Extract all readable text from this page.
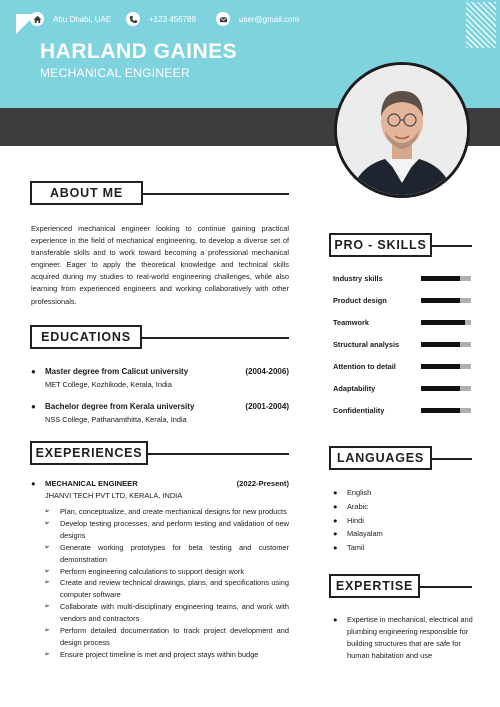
HARLAND GAINES
MECHANICAL ENGINEER
Abu Dhabi, UAE	+123 456789	user@gmail.com
ABOUT ME
Experienced mechanical engineer looking to continue gaining practical experience in the field of mechanical engineering, to develop a diverse set of transferable skills and to work toward becoming a professional mechanical engineer. Eager to apply the theoretical knowledge and technical skills acquired during my studies to real-world engineering challenges, while also learning from experienced engineers and working collaboratively with other professionals.
EDUCATIONS
● Master degree from Calicut university	(2004-2006)
MET College, Kozhikode, Kerala, India
● Bachelor degree from Kerala university	(2001-2004)
NSS College, Pathanamthitta, Kerala, India
EXEPERIENCES
● MECHANICAL ENGINEER	(2022-Present)
JHANVI TECH PVT LTD, KERALA, INDIA
➢	Plan, conceptualize, and create mechanical designs for new products
➢	Develop testing processes, and perform testing and validation of new designs
➢	Generate working prototypes for beta testing and customer demonstration
➢	Perform engineering calculations to support design work
➢	Create and review technical drawings, plans, and specifications using computer software
➢	Collaborate with multi-disciplinary engineering teams, and work with vendors and contractors
➢	Perform detailed documentation to track project development and design process
➢	Ensure project timeline is met and project stays within budge
PRO - SKILLS
Industry skills
Product design
Teamwork
Structural analysis
Attention to detail
Adaptability
Confidentiality
LANGUAGES
● English
● Arabic
● Hindi
● Malayalam
● Tamil
EXPERTISE
●	Expertise in mechanical, electrical and plumbing engineering responsible for building structures that are safe for human habitation and use
